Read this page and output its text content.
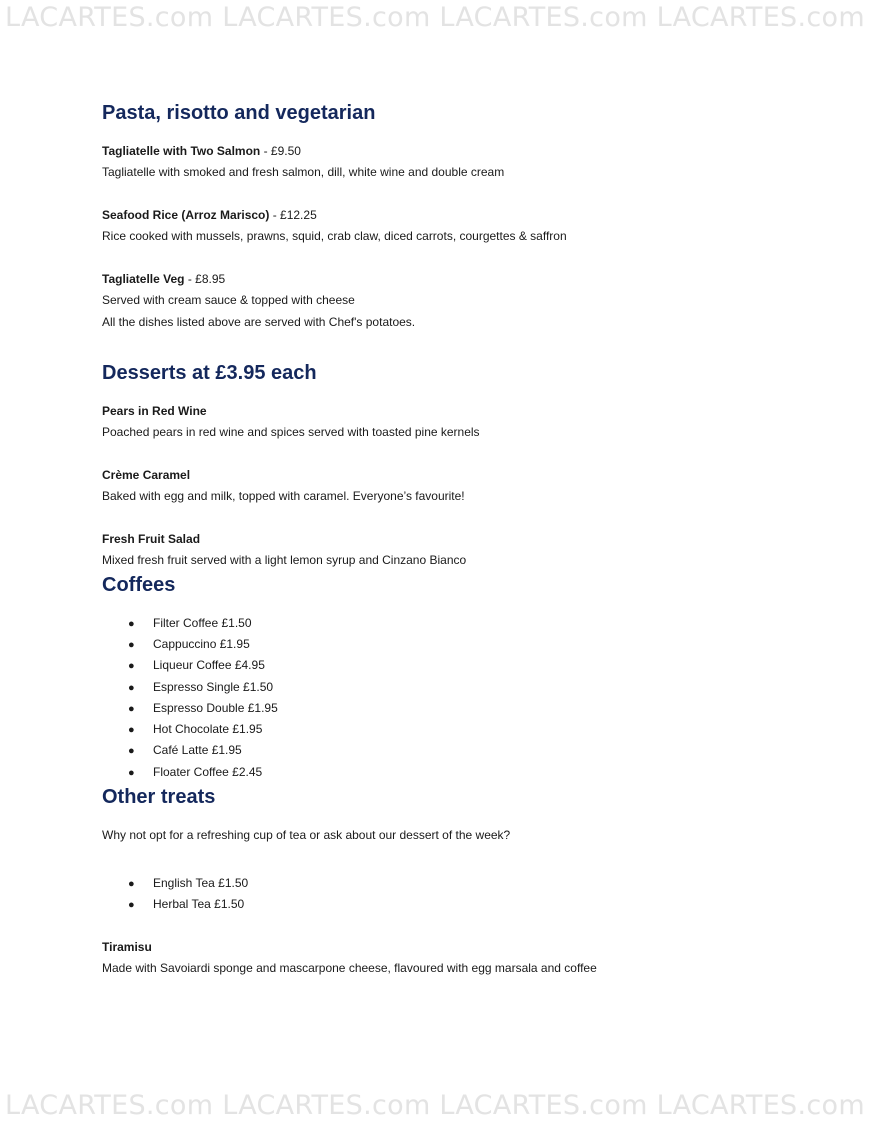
LACARTES.com LACARTES.com LACARTES.com LACARTES.com
Pasta, risotto and vegetarian
Tagliatelle with Two Salmon - £9.50
Tagliatelle with smoked and fresh salmon, dill, white wine and double cream
Seafood Rice (Arroz Marisco) - £12.25
Rice cooked with mussels, prawns, squid, crab claw, diced carrots, courgettes & saffron
Tagliatelle Veg - £8.95
Served with cream sauce & topped with cheese
All the dishes listed above are served with Chef's potatoes.
Desserts at £3.95 each
Pears in Red Wine
Poached pears in red wine and spices served with toasted pine kernels
Crème Caramel
Baked with egg and milk, topped with caramel. Everyone’s favourite!
Fresh Fruit Salad
Mixed fresh fruit served with a light lemon syrup and Cinzano Bianco
Coffees
● Filter Coffee £1.50
● Cappuccino £1.95
● Liqueur Coffee £4.95
● Espresso Single £1.50
● Espresso Double £1.95
● Hot Chocolate £1.95
● Café Latte £1.95
● Floater Coffee £2.45
Other treats
Why not opt for a refreshing cup of tea or ask about our dessert of the week?
● English Tea £1.50
● Herbal Tea £1.50
Tiramisu
Made with Savoiardi sponge and mascarpone cheese, flavoured with egg marsala and coffee
LACARTES.com LACARTES.com LACARTES.com LACARTES.com
